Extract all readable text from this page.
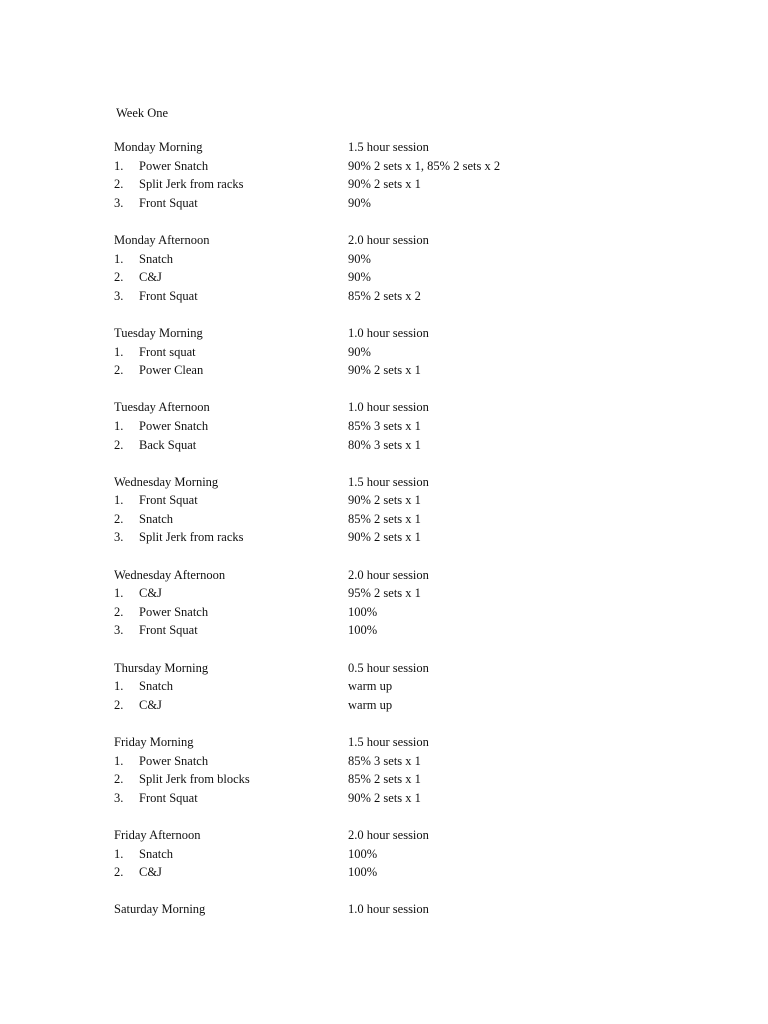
Week One
Monday Morning	1.5 hour session
1. Power Snatch	90% 2 sets x 1, 85% 2 sets x 2
2. Split Jerk from racks	90% 2 sets x 1
3. Front Squat	90%
Monday Afternoon	2.0 hour session
1. Snatch	90%
2. C&J	90%
3. Front Squat	85% 2 sets x 2
Tuesday Morning	1.0 hour session
1. Front squat	90%
2. Power Clean	90% 2 sets x 1
Tuesday Afternoon	1.0 hour session
1. Power Snatch	85% 3 sets x 1
2. Back Squat	80% 3 sets x 1
Wednesday Morning	1.5 hour session
1. Front Squat	90% 2 sets x 1
2. Snatch	85% 2 sets x 1
3. Split Jerk from racks	90% 2 sets x 1
Wednesday Afternoon	2.0 hour session
1. C&J	95% 2 sets x 1
2. Power Snatch	100%
3. Front Squat	100%
Thursday Morning	0.5 hour session
1. Snatch	warm up
2. C&J	warm up
Friday Morning	1.5 hour session
1. Power Snatch	85% 3 sets x 1
2. Split Jerk from blocks	85% 2 sets x 1
3. Front Squat	90% 2 sets x 1
Friday Afternoon	2.0 hour session
1. Snatch	100%
2. C&J	100%
Saturday Morning	1.0 hour session
